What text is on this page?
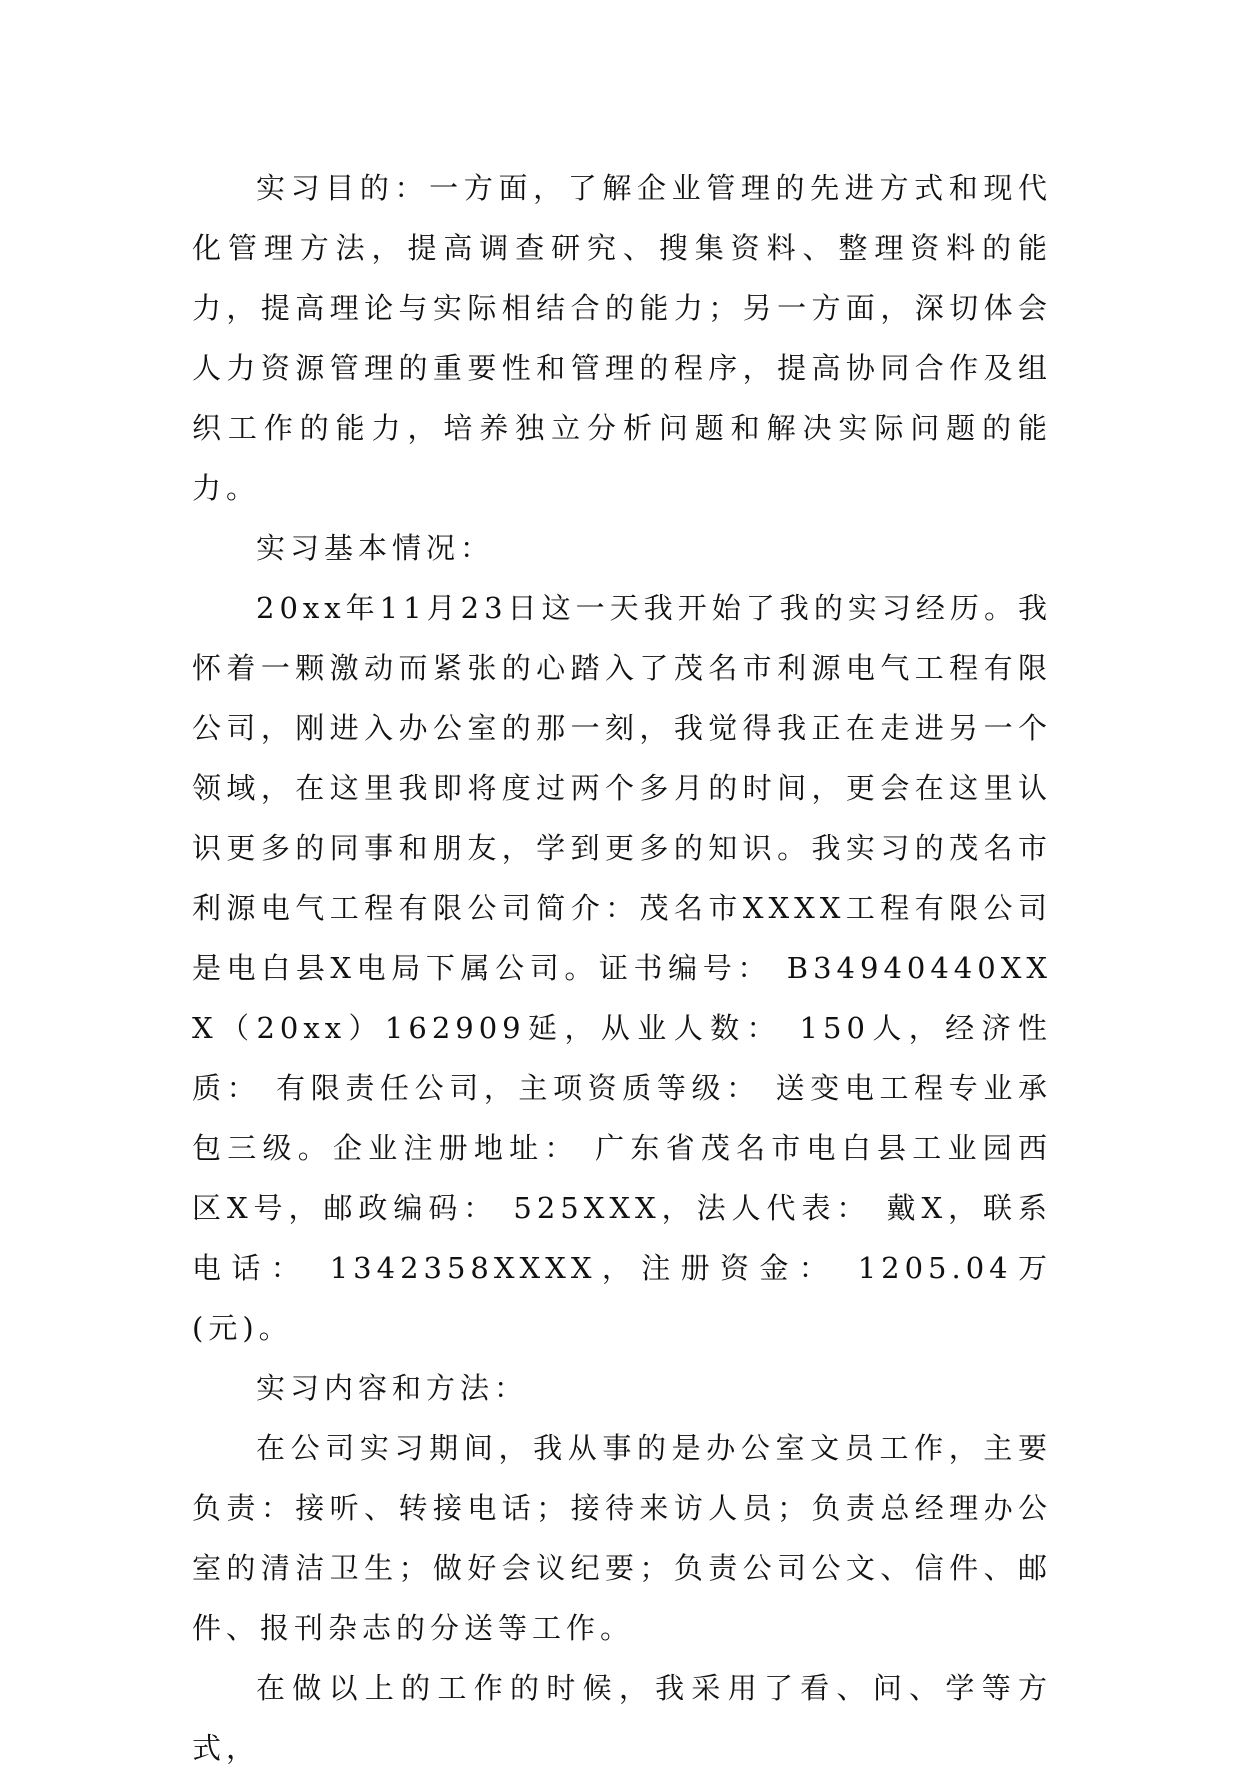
实习目的：一方面，了解企业管理的先进方式和现代化管理方法，提高调查研究、搜集资料、整理资料的能力，提高理论与实际相结合的能力；另一方面，深切体会人力资源管理的重要性和管理的程序，提高协同合作及组织工作的能力，培养独立分析问题和解决实际问题的能力。

实习基本情况：

20xx年11月23日这一天我开始了我的实习经历。我怀着一颗激动而紧张的心踏入了茂名市利源电气工程有限公司，刚进入办公室的那一刻，我觉得我正在走进另一个领域，在这里我即将度过两个多月的时间，更会在这里认识更多的同事和朋友，学到更多的知识。我实习的茂名市利源电气工程有限公司简介：茂名市XXXX工程有限公司是电白县X电局下属公司。证书编号： B34940440XXX（20xx）162909延，从业人数： 150人，经济性质： 有限责任公司，主项资质等级： 送变电工程专业承包三级。企业注册地址： 广东省茂名市电白县工业园西区X号，邮政编码： 525XXX，法人代表： 戴X，联系电话： 1342358XXXX，注册资金： 1205.04万(元)。

实习内容和方法：

在公司实习期间，我从事的是办公室文员工作，主要负责：接听、转接电话；接待来访人员；负责总经理办公室的清洁卫生；做好会议纪要；负责公司公文、信件、邮件、报刊杂志的分送等工作。

在做以上的工作的时候，我采用了看、问、学等方式，
